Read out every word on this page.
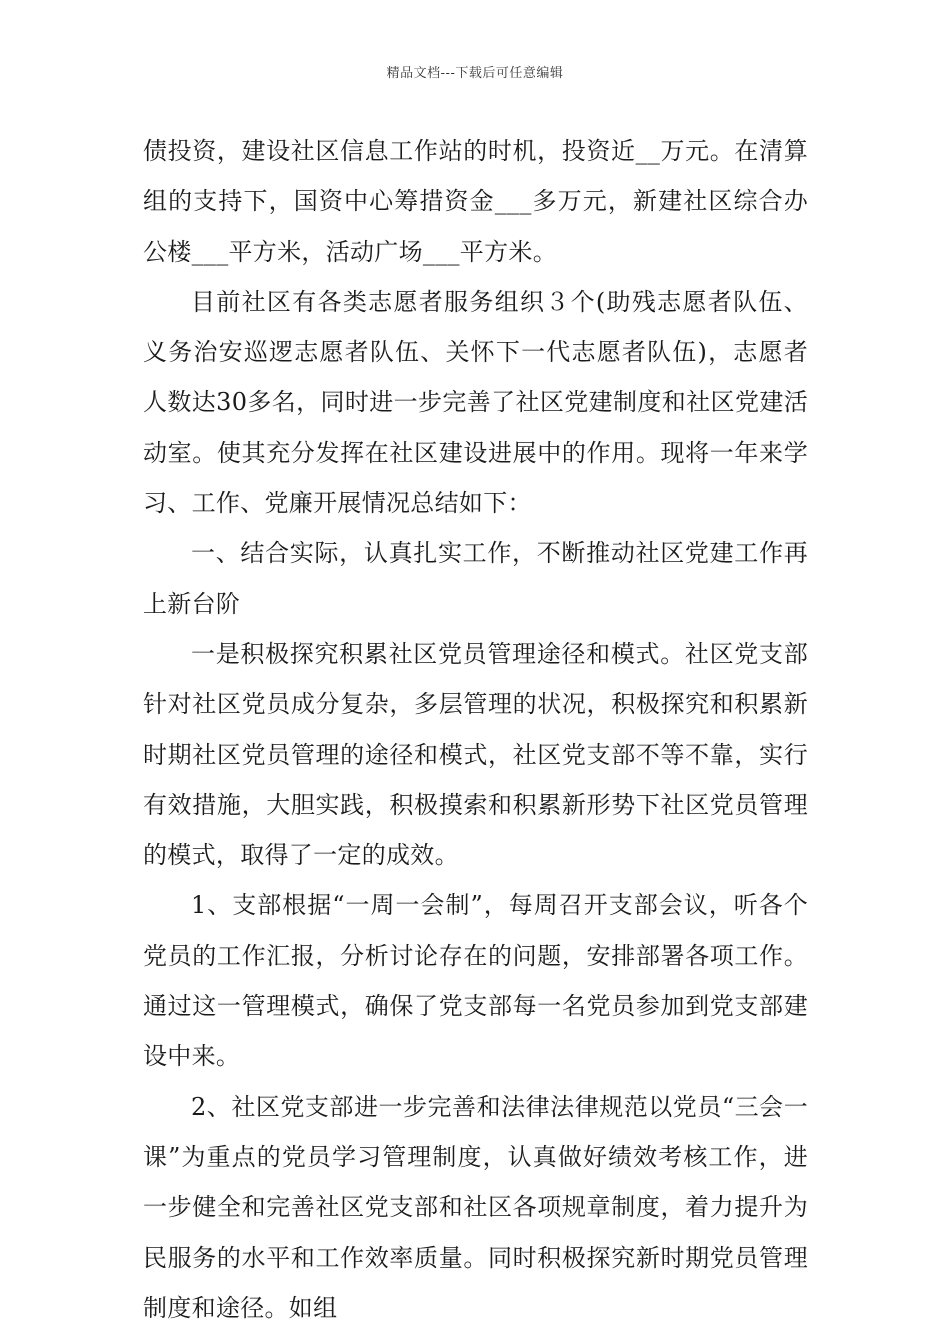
精品文档---下载后可任意编辑

债投资，建设社区信息工作站的时机，投资近__万元。在清算组的支持下，国资中心筹措资金___多万元，新建社区综合办公楼___平方米，活动广场___平方米。

目前社区有各类志愿者服务组织３个(助残志愿者队伍、义务治安巡逻志愿者队伍、关怀下一代志愿者队伍)，志愿者人数达30多名，同时进一步完善了社区党建制度和社区党建活动室。使其充分发挥在社区建设进展中的作用。现将一年来学习、工作、党廉开展情况总结如下：

一、结合实际，认真扎实工作，不断推动社区党建工作再上新台阶

一是积极探究积累社区党员管理途径和模式。社区党支部针对社区党员成分复杂，多层管理的状况，积极探究和积累新时期社区党员管理的途径和模式，社区党支部不等不靠，实行有效措施，大胆实践，积极摸索和积累新形势下社区党员管理的模式，取得了一定的成效。

1、支部根据“一周一会制”，每周召开支部会议，听各个党员的工作汇报，分析讨论存在的问题，安排部署各项工作。通过这一管理模式，确保了党支部每一名党员参加到党支部建设中来。

2、社区党支部进一步完善和法律法律规范以党员“三会一课”为重点的党员学习管理制度，认真做好绩效考核工作，进一步健全和完善社区党支部和社区各项规章制度，着力提升为民服务的水平和工作效率质量。同时积极探究新时期党员管理制度和途径。如组
